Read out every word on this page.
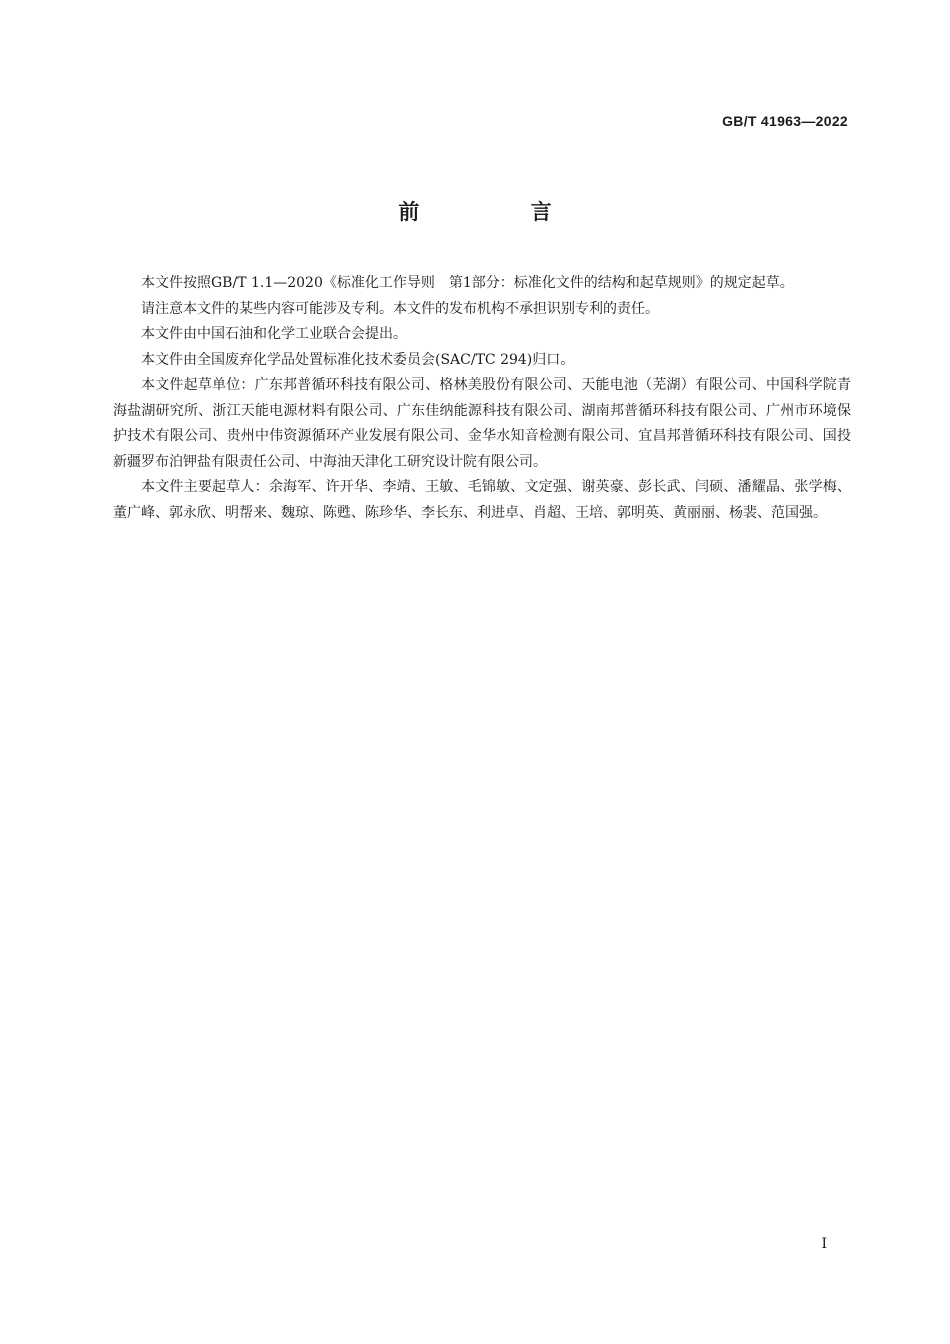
GB/T 41963—2022
前 言

本文件按照GB/T 1.1—2020《标准化工作导则　第1部分：标准化文件的结构和起草规则》的规定起草。

请注意本文件的某些内容可能涉及专利。本文件的发布机构不承担识别专利的责任。

本文件由中国石油和化学工业联合会提出。

本文件由全国废弃化学品处置标准化技术委员会(SAC/TC 294)归口。

本文件起草单位：广东邦普循环科技有限公司、格林美股份有限公司、天能电池（芜湖）有限公司、中国科学院青海盐湖研究所、浙江天能电源材料有限公司、广东佳纳能源科技有限公司、湖南邦普循环科技有限公司、广州市环境保护技术有限公司、贵州中伟资源循环产业发展有限公司、金华水知音检测有限公司、宜昌邦普循环科技有限公司、国投新疆罗布泊钾盐有限责任公司、中海油天津化工研究设计院有限公司。

本文件主要起草人：余海军、许开华、李靖、王敏、毛锦敏、文定强、谢英豪、彭长武、闫硕、潘耀晶、张学梅、董广峰、郭永欣、明帮来、魏琼、陈甦、陈珍华、李长东、利进卓、肖超、王培、郭明英、黄丽丽、杨裴、范国强。

I
